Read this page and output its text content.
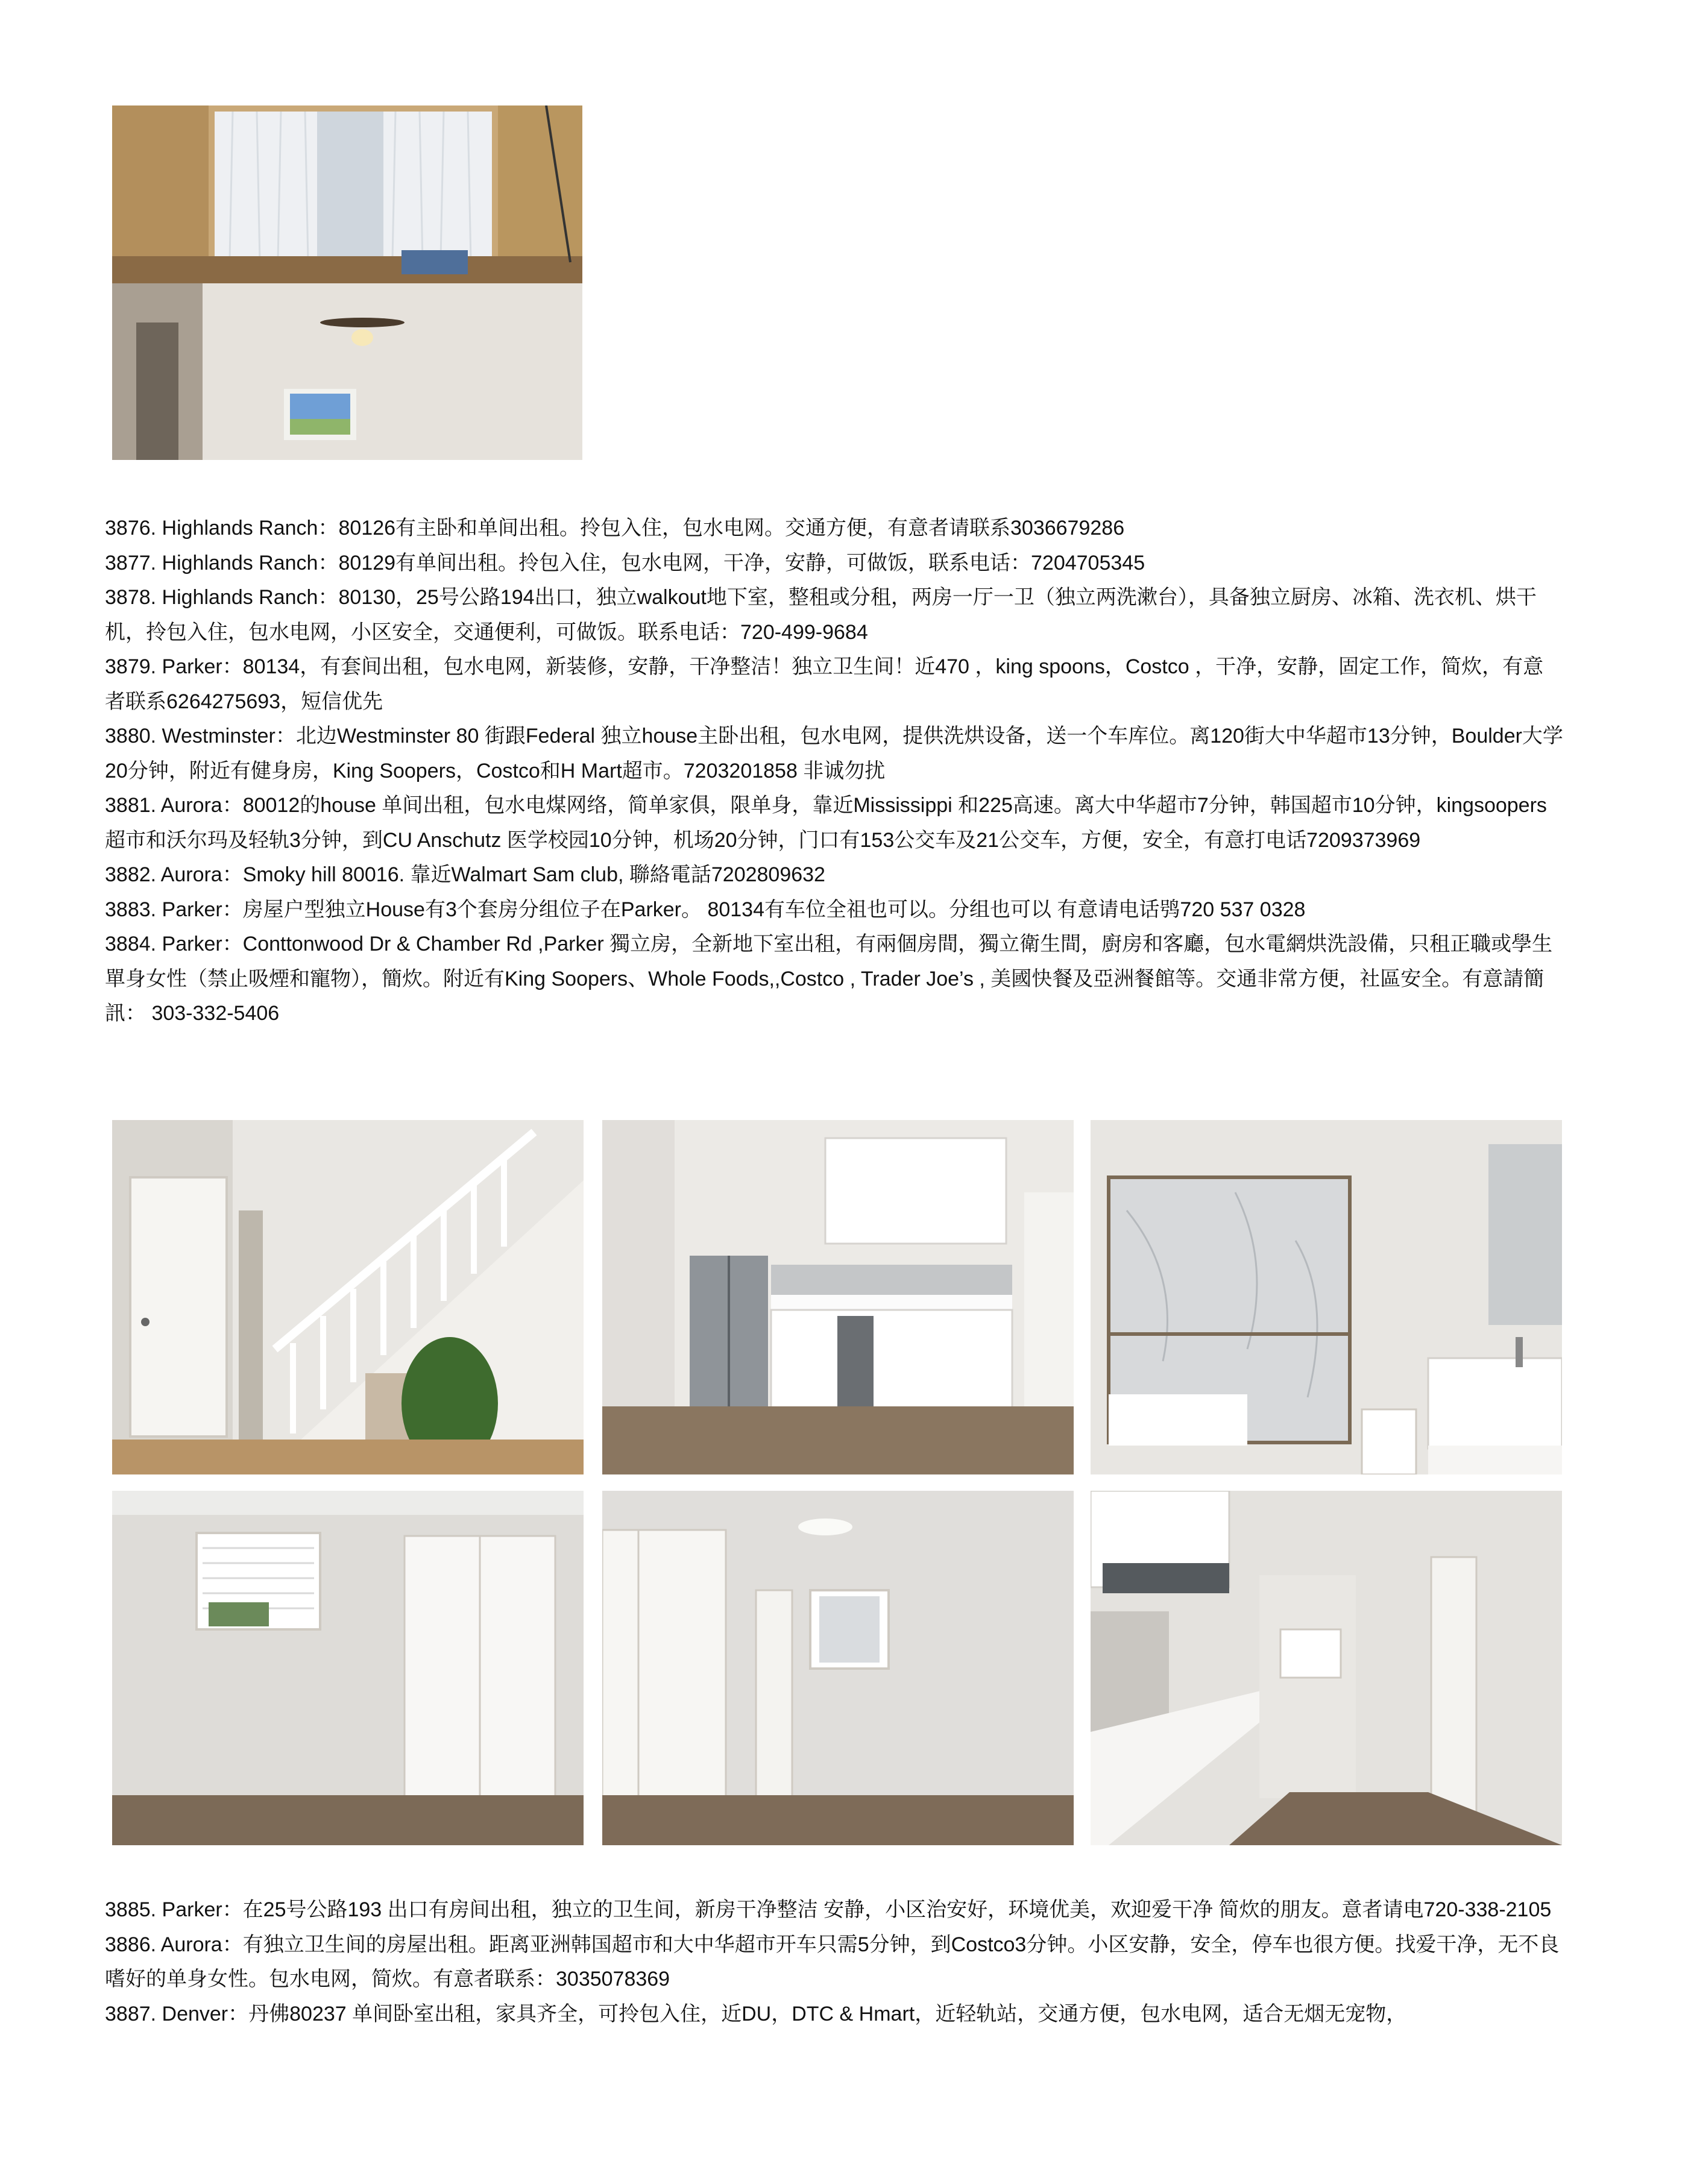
3876. Highlands Ranch：80126有主卧和单间出租。拎包入住，包水电网。交通方便，有意者请联系3036679286

3877. Highlands Ranch：80129有单间出租。拎包入住，包水电网，干净，安静，可做饭，联系电话：7204705345

3878. Highlands Ranch：80130，25号公路194出口，独立walkout地下室，整租或分租，两房一厅一卫（独立两洗漱台），具备独立厨房、冰箱、洗衣机、烘干机，拎包入住，包水电网，小区安全，交通便利，可做饭。联系电话：720-499-9684

3879. Parker：80134，有套间出租，包水电网，新装修，安静，干净整洁！独立卫生间！近470 ，king spoons，Costco ，干净，安静，固定工作，简炊，有意者联系6264275693，短信优先

3880. Westminster：北边Westminster 80 街跟Federal 独立house主卧出租，包水电网，提供洗烘设备，送一个车库位。离120街大中华超市13分钟，Boulder大学20分钟，附近有健身房，King Soopers，Costco和H Mart超市。7203201858 非诚勿扰

3881. Aurora：80012的house 单间出租，包水电煤网络，简单家俱，限单身，靠近Mississippi 和225高速。离大中华超市7分钟，韩国超市10分钟，kingsoopers超市和沃尔玛及轻轨3分钟，到CU Anschutz 医学校园10分钟，机场20分钟，门口有153公交车及21公交车，方便，安全，有意打电话7209373969

3882. Aurora：Smoky hill 80016. 靠近Walmart Sam club, 聯絡電話7202809632

3883. Parker：房屋户型独立House有3个套房分组位子在Parker。 80134有车位全祖也可以。分组也可以 有意请电话鸮720 537 0328

3884. Parker：Conttonwood Dr & Chamber Rd ,Parker 獨立房，全新地下室出租，有兩個房間，獨立衛生間，廚房和客廳，包水電網烘洗設備，只租正職或學生單身女性（禁止吸煙和寵物），簡炊。附近有King Soopers、Whole Foods,,Costco , Trader Joe’s , 美國快餐及亞洲餐館等。交通非常方便，社區安全。有意請簡訊： 303-332-5406

3885. Parker：在25号公路193 出口有房间出租，独立的卫生间，新房干净整洁 安静，小区治安好，环境优美，欢迎爱干净 简炊的朋友。意者请电720-338-2105

3886. Aurora：有独立卫生间的房屋出租。距离亚洲韩国超市和大中华超市开车只需5分钟，到Costco3分钟。小区安静，安全，停车也很方便。找爱干净，无不良嗜好的单身女性。包水电网，简炊。有意者联系：3035078369

3887. Denver：丹佛80237 单间卧室出租，家具齐全，可拎包入住，近DU，DTC & Hmart，近轻轨站，交通方便，包水电网，适合无烟无宠物，
